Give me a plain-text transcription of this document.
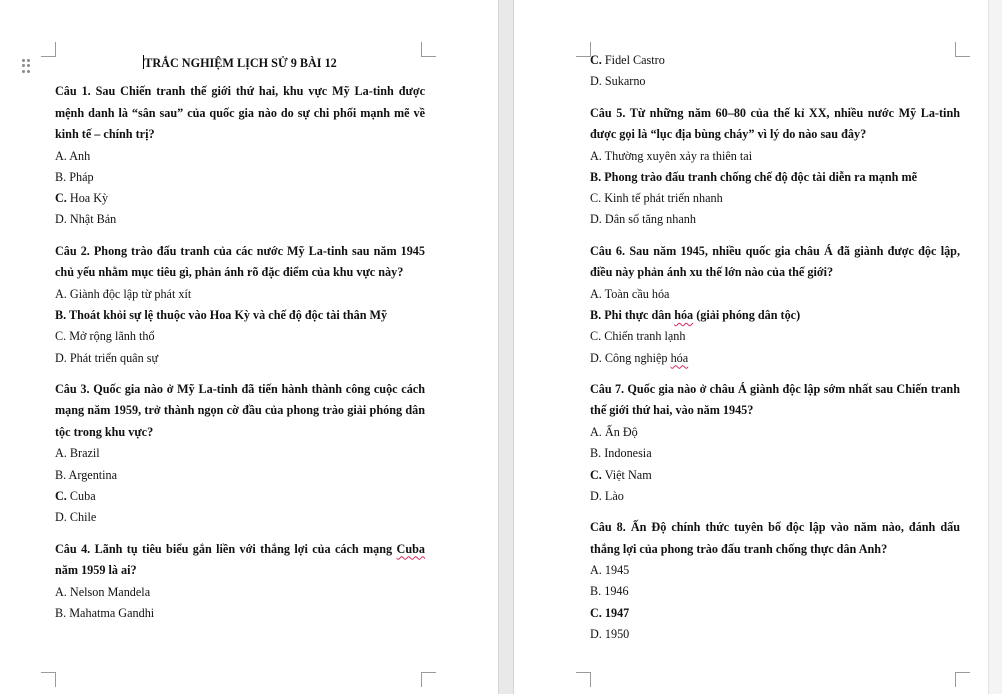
TRẮC NGHIỆM LỊCH SỬ 9 BÀI 12
Câu 1. Sau Chiến tranh thế giới thứ hai, khu vực Mỹ La-tinh được mệnh danh là “sân sau” của quốc gia nào do sự chi phối mạnh mẽ về kinh tế – chính trị?
A. Anh
B. Pháp
C. Hoa Kỳ
D. Nhật Bản
Câu 2. Phong trào đấu tranh của các nước Mỹ La-tinh sau năm 1945 chủ yếu nhằm mục tiêu gì, phản ánh rõ đặc điểm của khu vực này?
A. Giành độc lập từ phát xít
B. Thoát khỏi sự lệ thuộc vào Hoa Kỳ và chế độ độc tài thân Mỹ
C. Mở rộng lãnh thổ
D. Phát triển quân sự
Câu 3. Quốc gia nào ở Mỹ La-tinh đã tiến hành thành công cuộc cách mạng năm 1959, trở thành ngọn cờ đầu của phong trào giải phóng dân tộc trong khu vực?
A. Brazil
B. Argentina
C. Cuba
D. Chile
Câu 4. Lãnh tụ tiêu biểu gắn liền với thắng lợi của cách mạng Cuba năm 1959 là ai?
A. Nelson Mandela
B. Mahatma Gandhi
C. Fidel Castro
D. Sukarno
Câu 5. Từ những năm 60–80 của thế kỉ XX, nhiều nước Mỹ La-tinh được gọi là “lục địa bùng cháy” vì lý do nào sau đây?
A. Thường xuyên xảy ra thiên tai
B. Phong trào đấu tranh chống chế độ độc tài diễn ra mạnh mẽ
C. Kinh tế phát triển nhanh
D. Dân số tăng nhanh
Câu 6. Sau năm 1945, nhiều quốc gia châu Á đã giành được độc lập, điều này phản ánh xu thế lớn nào của thế giới?
A. Toàn cầu hóa
B. Phi thực dân hóa (giải phóng dân tộc)
C. Chiến tranh lạnh
D. Công nghiệp hóa
Câu 7. Quốc gia nào ở châu Á giành độc lập sớm nhất sau Chiến tranh thế giới thứ hai, vào năm 1945?
A. Ấn Độ
B. Indonesia
C. Việt Nam
D. Lào
Câu 8. Ấn Độ chính thức tuyên bố độc lập vào năm nào, đánh dấu thắng lợi của phong trào đấu tranh chống thực dân Anh?
A. 1945
B. 1946
C. 1947
D. 1950
